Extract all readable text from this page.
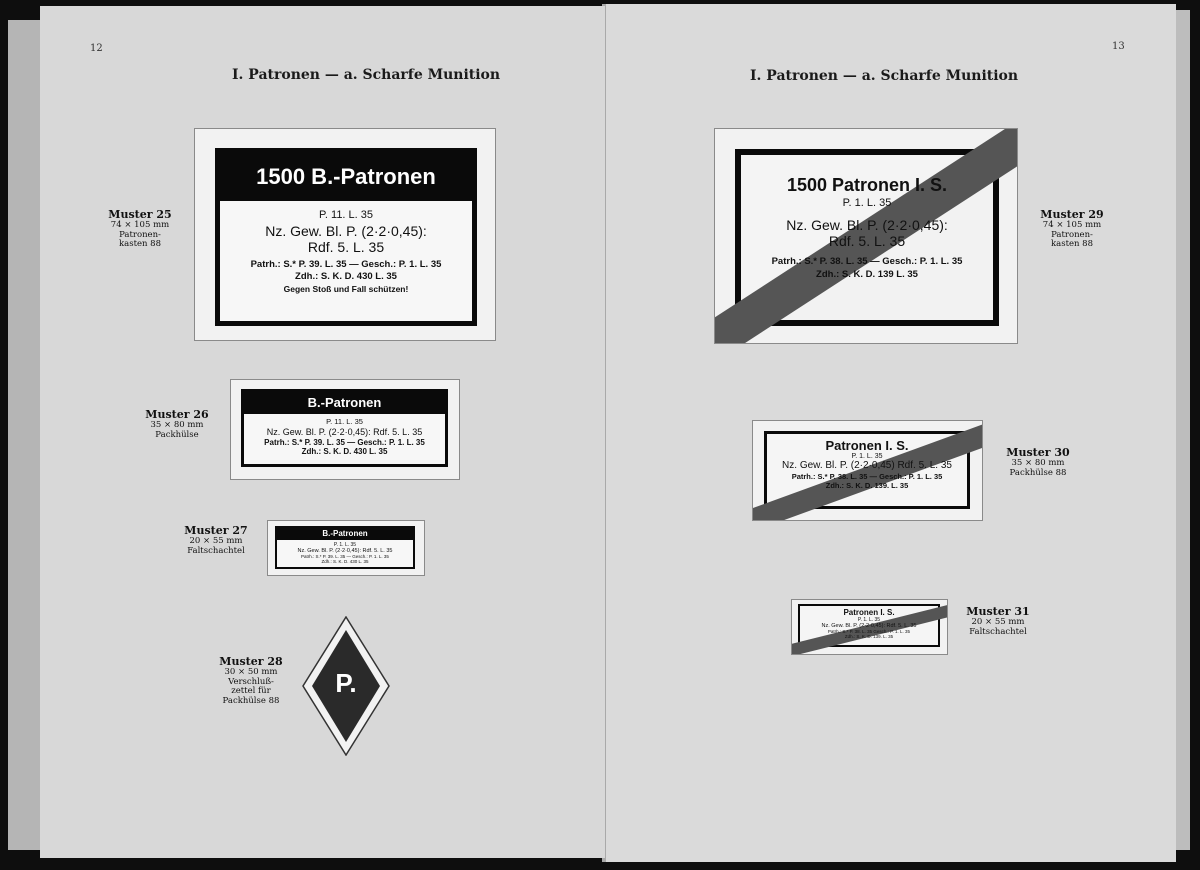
12
I. Patronen — a. Scharfe Munition
Muster 25
74 × 105 mm
Patronen-
kasten 88
1500 B.-Patronen
P. 11. L. 35
Nz. Gew. Bl. P. (2·2·0,45):
Rdf. 5. L. 35
Patrh.: S.* P. 39. L. 35 — Gesch.: P. 1. L. 35
Zdh.: S. K. D. 430 L. 35
Gegen Stoß und Fall schützen!
Muster 26
35 × 80 mm
Packhülse
B.-Patronen
P. 11. L. 35
Nz. Gew. Bl. P. (2·2·0,45): Rdf. 5. L. 35
Patrh.: S.* P. 39. L. 35 — Gesch.: P. 1. L. 35
Zdh.: S. K. D. 430 L. 35
Muster 27
20 × 55 mm
Faltschachtel
B.-Patronen
P. 1. L. 35
Nz. Gew. Bl. P. (2·2·0,45): Rdf. 5. L. 35
Patrh.: S.* P. 39. L. 35 — Gesch.: P. 1. L. 35
Zdh.: S. K. D. 430 L. 35
Muster 28
30 × 50 mm
Verschluß-
zettel für
Packhülse 88
P.
13
I. Patronen — a. Scharfe Munition
Muster 29
74 × 105 mm
Patronen-
kasten 88
1500 Patronen I. S.
P. 1. L. 35
Nz. Gew. Bl. P. (2·2·0,45):
Rdf. 5. L. 35
Patrh.: S.* P. 38. L. 35 — Gesch.: P. 1. L. 35
Zdh.: S. K. D. 139 L. 35
Muster 30
35 × 80 mm
Packhülse 88
Patronen I. S.
P. 1. L. 35
Nz. Gew. Bl. P. (2·2·0,45) Rdf. 5. L. 35
Patrh.: S.* P. 38. L. 35 — Gesch.: P. 1. L. 35
Zdh.: S. K. D. 139. L. 35
Muster 31
20 × 55 mm
Faltschachtel
Patronen I. S.
P. 1. L. 35
Nz. Gew. Bl. P. (2·2·0,45): Rdf. 5. L. 35
Patrh.: S.* P. 38. L. 35 Gesch.: P. 1. L. 35
Zdh.: S. K. D. 139. L. 35
